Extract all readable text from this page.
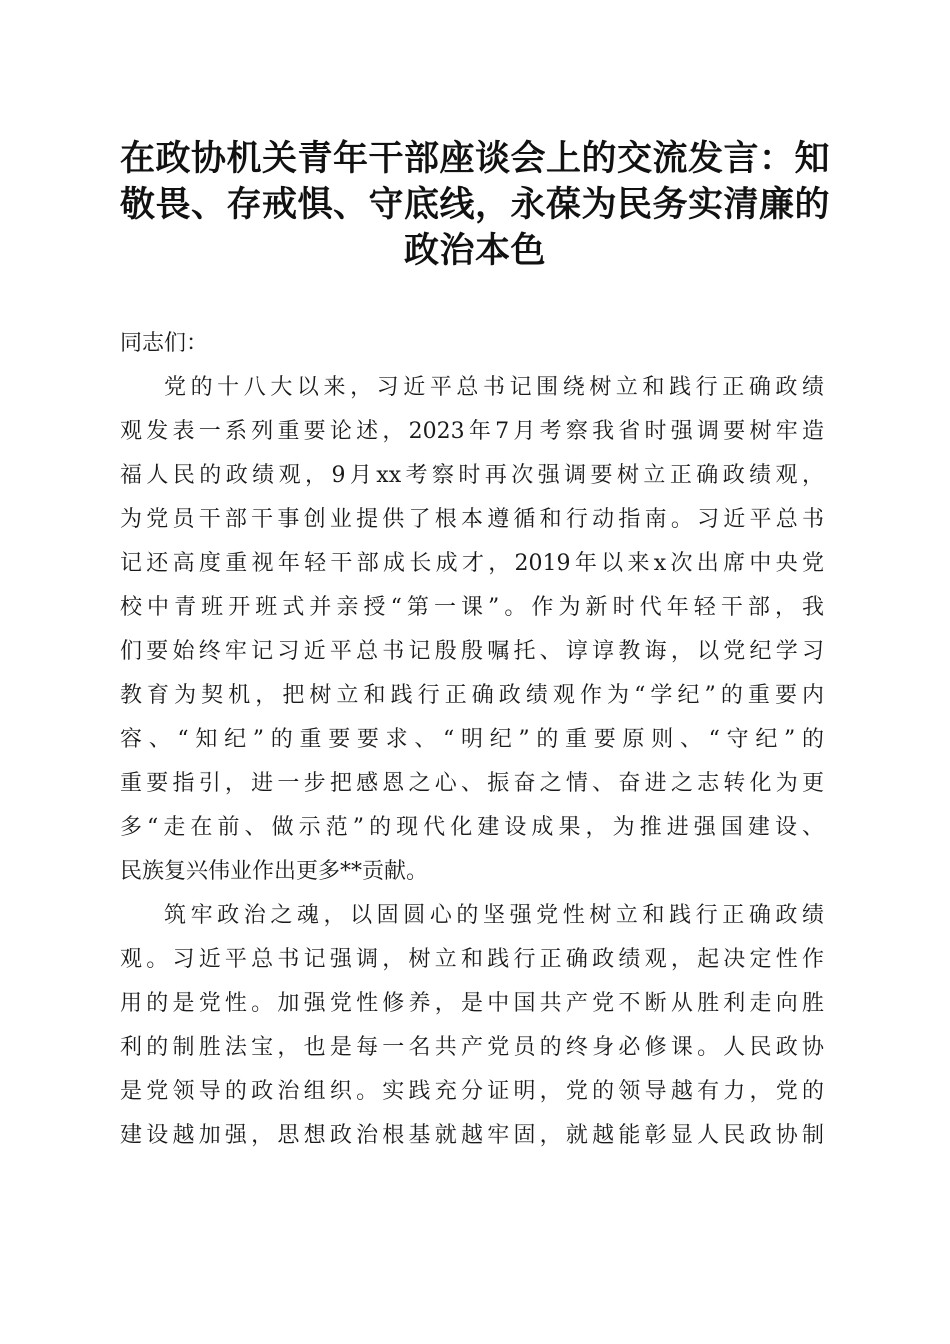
在政协机关青年干部座谈会上的交流发言：知
敬畏、存戒惧、守底线，永葆为民务实清廉的
政治本色
同志们：
党的十八大以来，习近平总书记围绕树立和践行正确政绩
观发表一系列重要论述，2023年7月考察我省时强调要树牢造
福人民的政绩观，9月xx考察时再次强调要树立正确政绩观，
为党员干部干事创业提供了根本遵循和行动指南。习近平总书
记还高度重视年轻干部成长成才，2019年以来x次出席中央党
校中青班开班式并亲授“第一课”。作为新时代年轻干部，我
们要始终牢记习近平总书记殷殷嘱托、谆谆教诲，以党纪学习
教育为契机，把树立和践行正确政绩观作为“学纪”的重要内
容、“知纪”的重要要求、“明纪”的重要原则、“守纪”的
重要指引，进一步把感恩之心、振奋之情、奋进之志转化为更
多“走在前、做示范”的现代化建设成果，为推进强国建设、
民族复兴伟业作出更多**贡献。
筑牢政治之魂，以固圆心的坚强党性树立和践行正确政绩
观。习近平总书记强调，树立和践行正确政绩观，起决定性作
用的是党性。加强党性修养，是中国共产党不断从胜利走向胜
利的制胜法宝，也是每一名共产党员的终身必修课。人民政协
是党领导的政治组织。实践充分证明，党的领导越有力，党的
建设越加强，思想政治根基就越牢固，就越能彰显人民政协制
